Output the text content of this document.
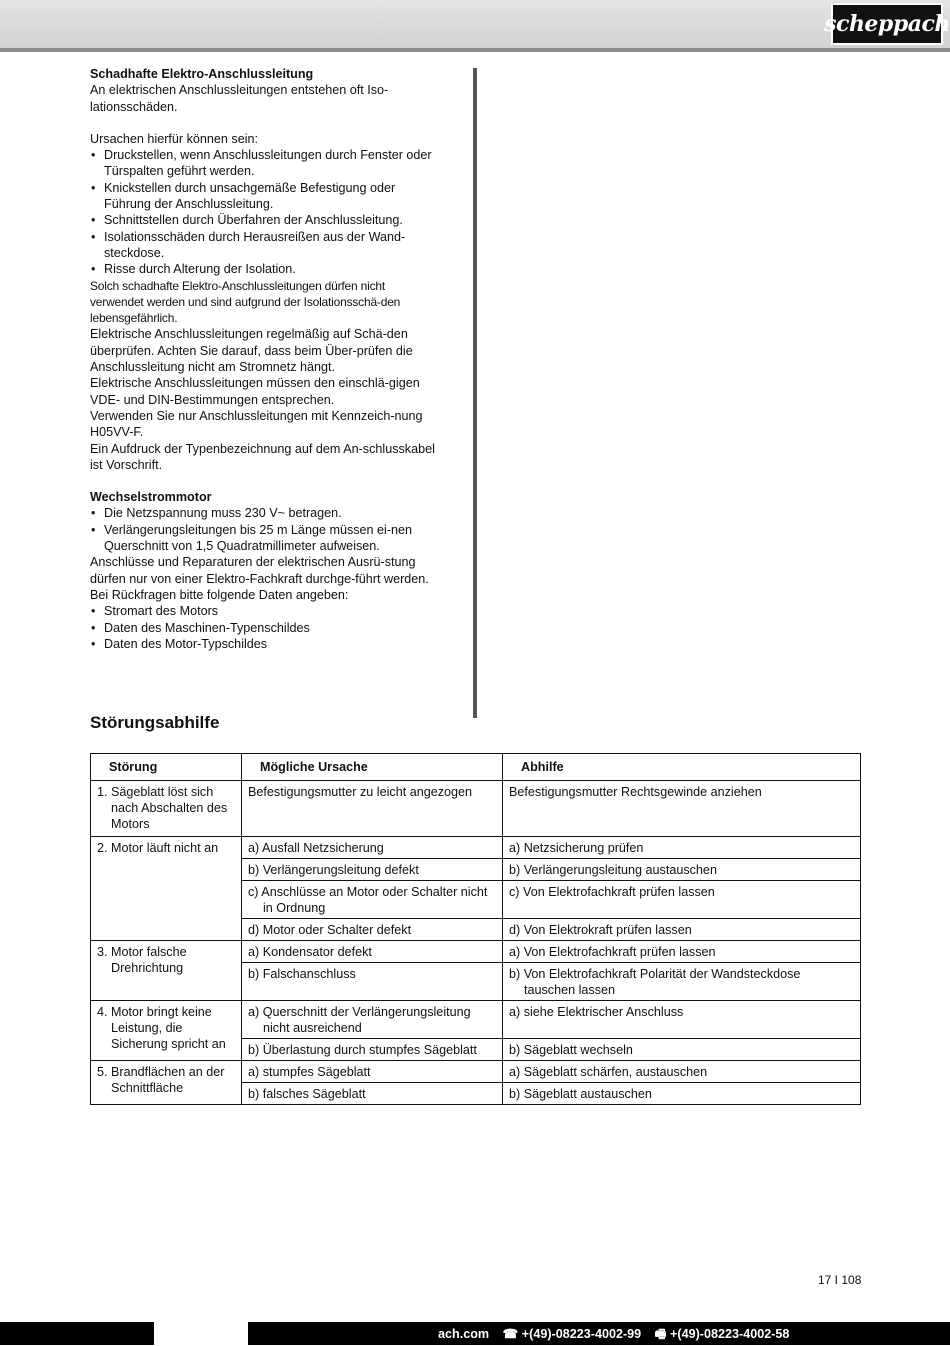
scheppach

Schadhafte Elektro-Anschlussleitung

An elektrischen Anschlussleitungen entstehen oft Iso-lationsschäden.

Ursachen hierfür können sein:

• Druckstellen, wenn Anschlussleitungen durch Fenster oder Türspalten geführt werden.
• Knickstellen durch unsachgemäße Befestigung oder Führung der Anschlussleitung.
• Schnittstellen durch Überfahren der Anschlussleitung.
• Isolationsschäden durch Herausreißen aus der Wand-steckdose.
• Risse durch Alterung der Isolation.

Solch schadhafte Elektro-Anschlussleitungen dürfen nicht verwendet werden und sind aufgrund der Isolationsschä-den lebensgefährlich.

Elektrische Anschlussleitungen regelmäßig auf Schä-den überprüfen. Achten Sie darauf, dass beim Über-prüfen die Anschlussleitung nicht am Stromnetz hängt.

Elektrische Anschlussleitungen müssen den einschlä-gigen VDE- und DIN-Bestimmungen entsprechen.

Verwenden Sie nur Anschlussleitungen mit Kennzeich-nung H05VV-F.

Ein Aufdruck der Typenbezeichnung auf dem An-schlusskabel ist Vorschrift.

Wechselstrommotor

• Die Netzspannung muss 230 V~ betragen.
• Verlängerungsleitungen bis 25 m Länge müssen ei-nen Querschnitt von 1,5 Quadratmillimeter aufweisen.

Anschlüsse und Reparaturen der elektrischen Ausrü-stung dürfen nur von einer Elektro-Fachkraft durchge-führt werden.

Bei Rückfragen bitte folgende Daten angeben:

• Stromart des Motors
• Daten des Maschinen-Typenschildes
• Daten des Motor-Typschildes
Störungsabhilfe
Störung	Mögliche Ursache	Abhilfe

1. Sägeblatt löst sich nach Abschalten des Motors	Befestigungsmutter zu leicht angezogen	Befestigungsmutter Rechtsgewinde anziehen

2. Motor läuft nicht an	a) Ausfall Netzsicherung	a) Netzsicherung prüfen

	b) Verlängerungsleitung defekt	b) Verlängerungsleitung austauschen

	c) Anschlüsse an Motor oder Schalter nicht in Ordnung	c) Von Elektrofachkraft prüfen lassen

	d) Motor oder Schalter defekt	d) Von Elektrokraft prüfen lassen

3. Motor falsche Drehrichtung	a) Kondensator defekt	a) Von Elektrofachkraft prüfen lassen

	b) Falschanschluss	b) Von Elektrofachkraft Polarität der Wandsteckdose tauschen lassen

4. Motor bringt keine Leistung, die Sicherung spricht an	a) Querschnitt der Verlängerungsleitung nicht ausreichend	a) siehe Elektrischer Anschluss

	b) Überlastung durch stumpfes Sägeblatt	b) Sägeblatt wechseln

5. Brandflächen an der Schnittfläche	a) stumpfes Sägeblatt	a) Sägeblatt schärfen, austauschen

	b) falsches Sägeblatt	b) Sägeblatt austauschen
17 I 108
ach.com ☎ +(49)-08223-4002-99 🖷 +(49)-08223-4002-58
